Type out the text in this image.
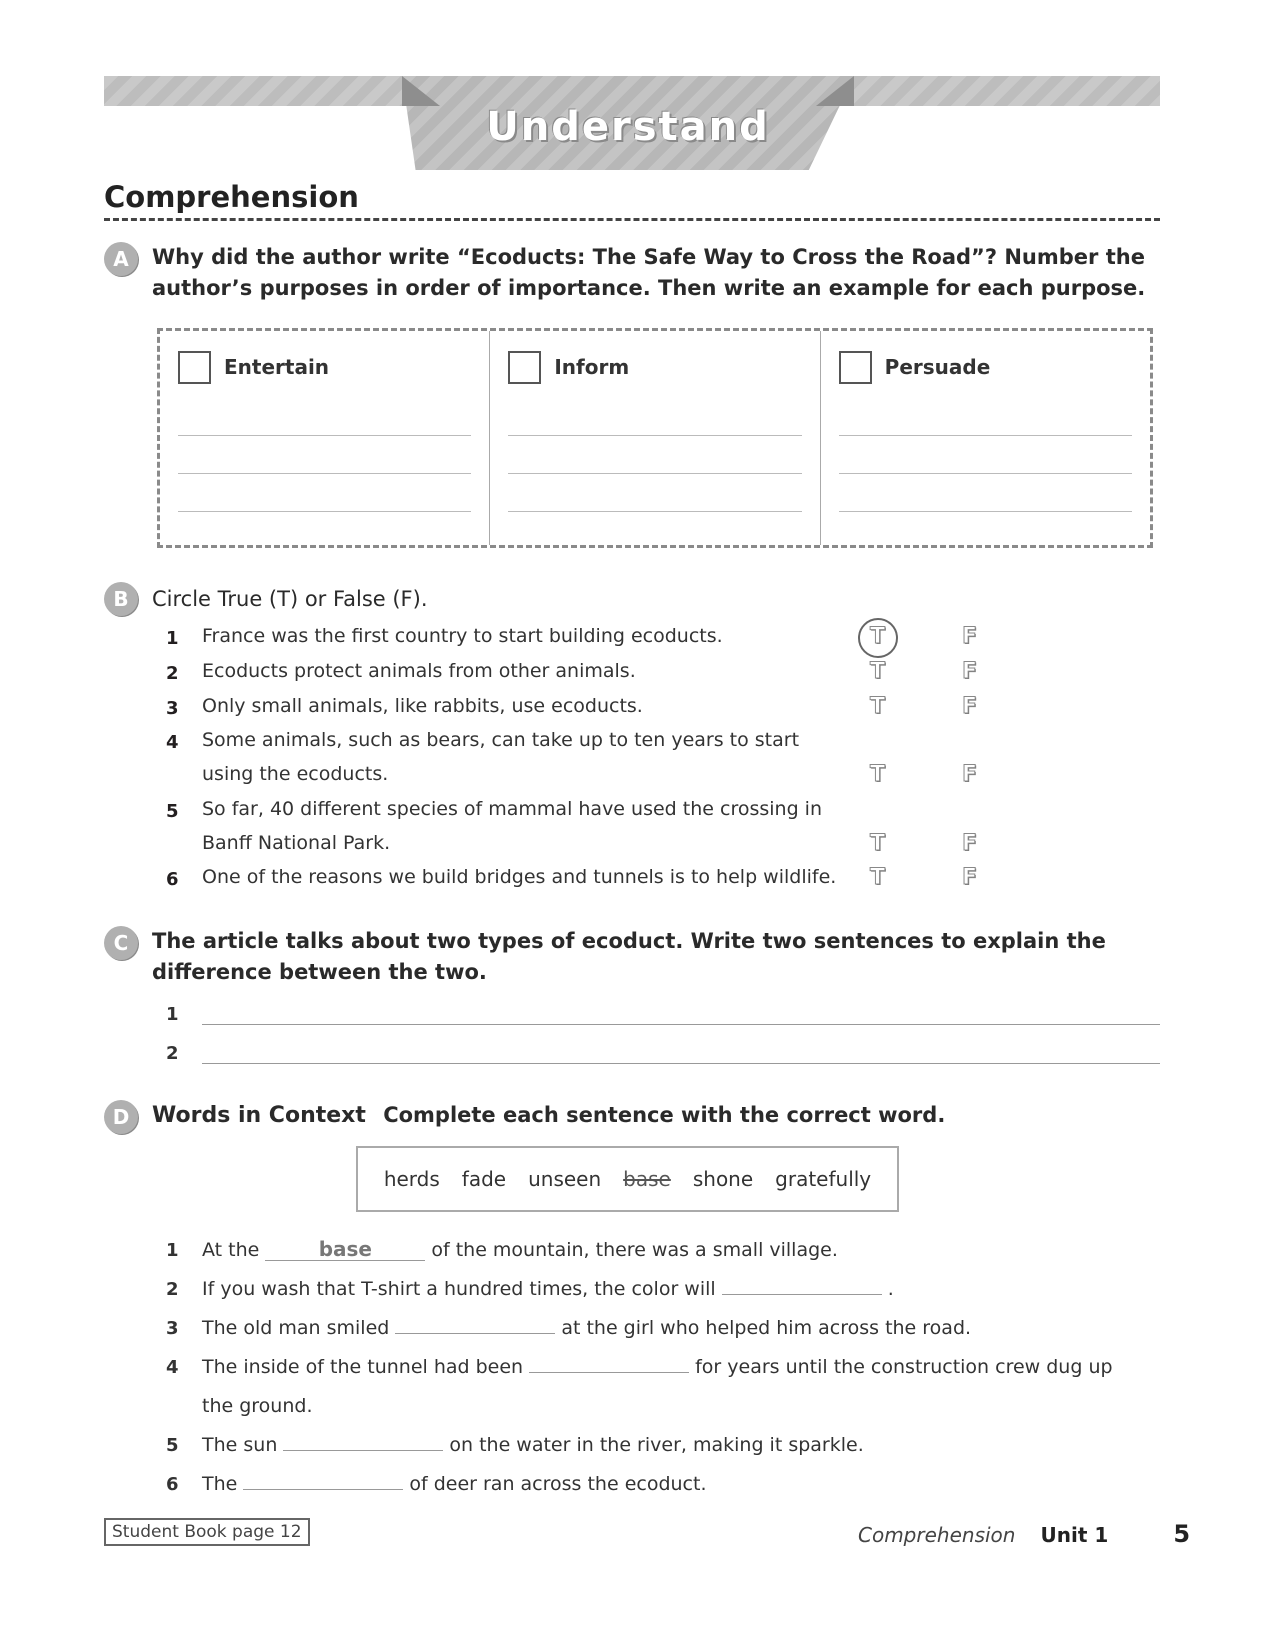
Understand
Comprehension
A	Why did the author write “Ecoducts: The Safe Way to Cross the Road”? Number the author’s purposes in order of importance. Then write an example for each purpose.
Entertain	Inform	Persuade
B	Circle True (T) or False (F).
1 France was the first country to start building ecoducts.	T	F
2 Ecoducts protect animals from other animals.	T	F
3 Only small animals, like rabbits, use ecoducts.	T	F
4 Some animals, such as bears, can take up to ten years to start
using the ecoducts.	T	F
5 So far, 40 different species of mammal have used the crossing in
Banff National Park.	T	F
6 One of the reasons we build bridges and tunnels is to help wildlife. T	F
C	The article talks about two types of ecoduct. Write two sentences to explain the difference between the two.
1
2
D	Words in Context Complete each sentence with the correct word.
herds fade unseen base shone gratefully
1 At the	base	of the mountain, there was a small village.
2 If you wash that T-shirt a hundred times, the color will	.
3 The old man smiled	at the girl who helped him across the road.
4 The inside of the tunnel had been	for years until the construction crew dug up
the ground.
5 The sun	on the water in the river, making it sparkle.
6 The	of deer ran across the ecoduct.
Student Book page 12	Comprehension Unit 1	5
